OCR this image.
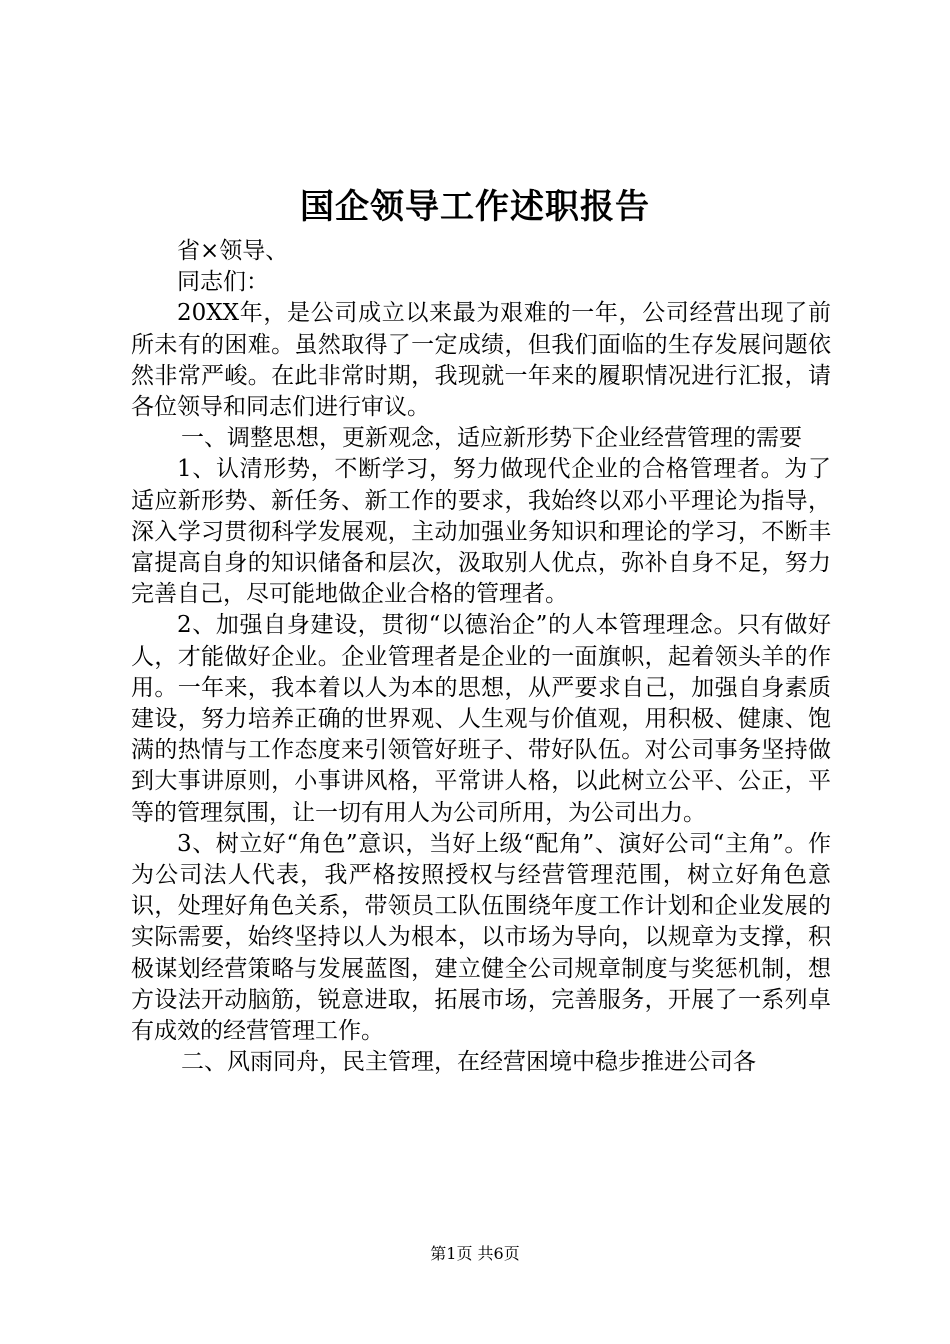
国企领导工作述职报告

省×领导、

同志们：

20XX年，是公司成立以来最为艰难的一年，公司经营出现了前所未有的困难。虽然取得了一定成绩，但我们面临的生存发展问题依然非常严峻。在此非常时期，我现就一年来的履职情况进行汇报，请各位领导和同志们进行审议。

一、调整思想，更新观念，适应新形势下企业经营管理的需要

1、认清形势，不断学习，努力做现代企业的合格管理者。为了适应新形势、新任务、新工作的要求，我始终以邓小平理论为指导，深入学习贯彻科学发展观，主动加强业务知识和理论的学习，不断丰富提高自身的知识储备和层次，汲取别人优点，弥补自身不足，努力完善自己，尽可能地做企业合格的管理者。

2、加强自身建设，贯彻“以德治企”的人本管理理念。只有做好人，才能做好企业。企业管理者是企业的一面旗帜，起着领头羊的作用。一年来，我本着以人为本的思想，从严要求自己，加强自身素质建设，努力培养正确的世界观、人生观与价值观，用积极、健康、饱满的热情与工作态度来引领管好班子、带好队伍。对公司事务坚持做到大事讲原则，小事讲风格，平常讲人格，以此树立公平、公正，平等的管理氛围，让一切有用人为公司所用，为公司出力。

3、树立好“角色”意识，当好上级“配角”、演好公司“主角”。作为公司法人代表，我严格按照授权与经营管理范围，树立好角色意识，处理好角色关系，带领员工队伍围绕年度工作计划和企业发展的实际需要，始终坚持以人为根本，以市场为导向，以规章为支撑，积极谋划经营策略与发展蓝图，建立健全公司规章制度与奖惩机制，想方设法开动脑筋，锐意进取，拓展市场，完善服务，开展了一系列卓有成效的经营管理工作。

二、风雨同舟，民主管理，在经营困境中稳步推进公司各

第1页 共6页
